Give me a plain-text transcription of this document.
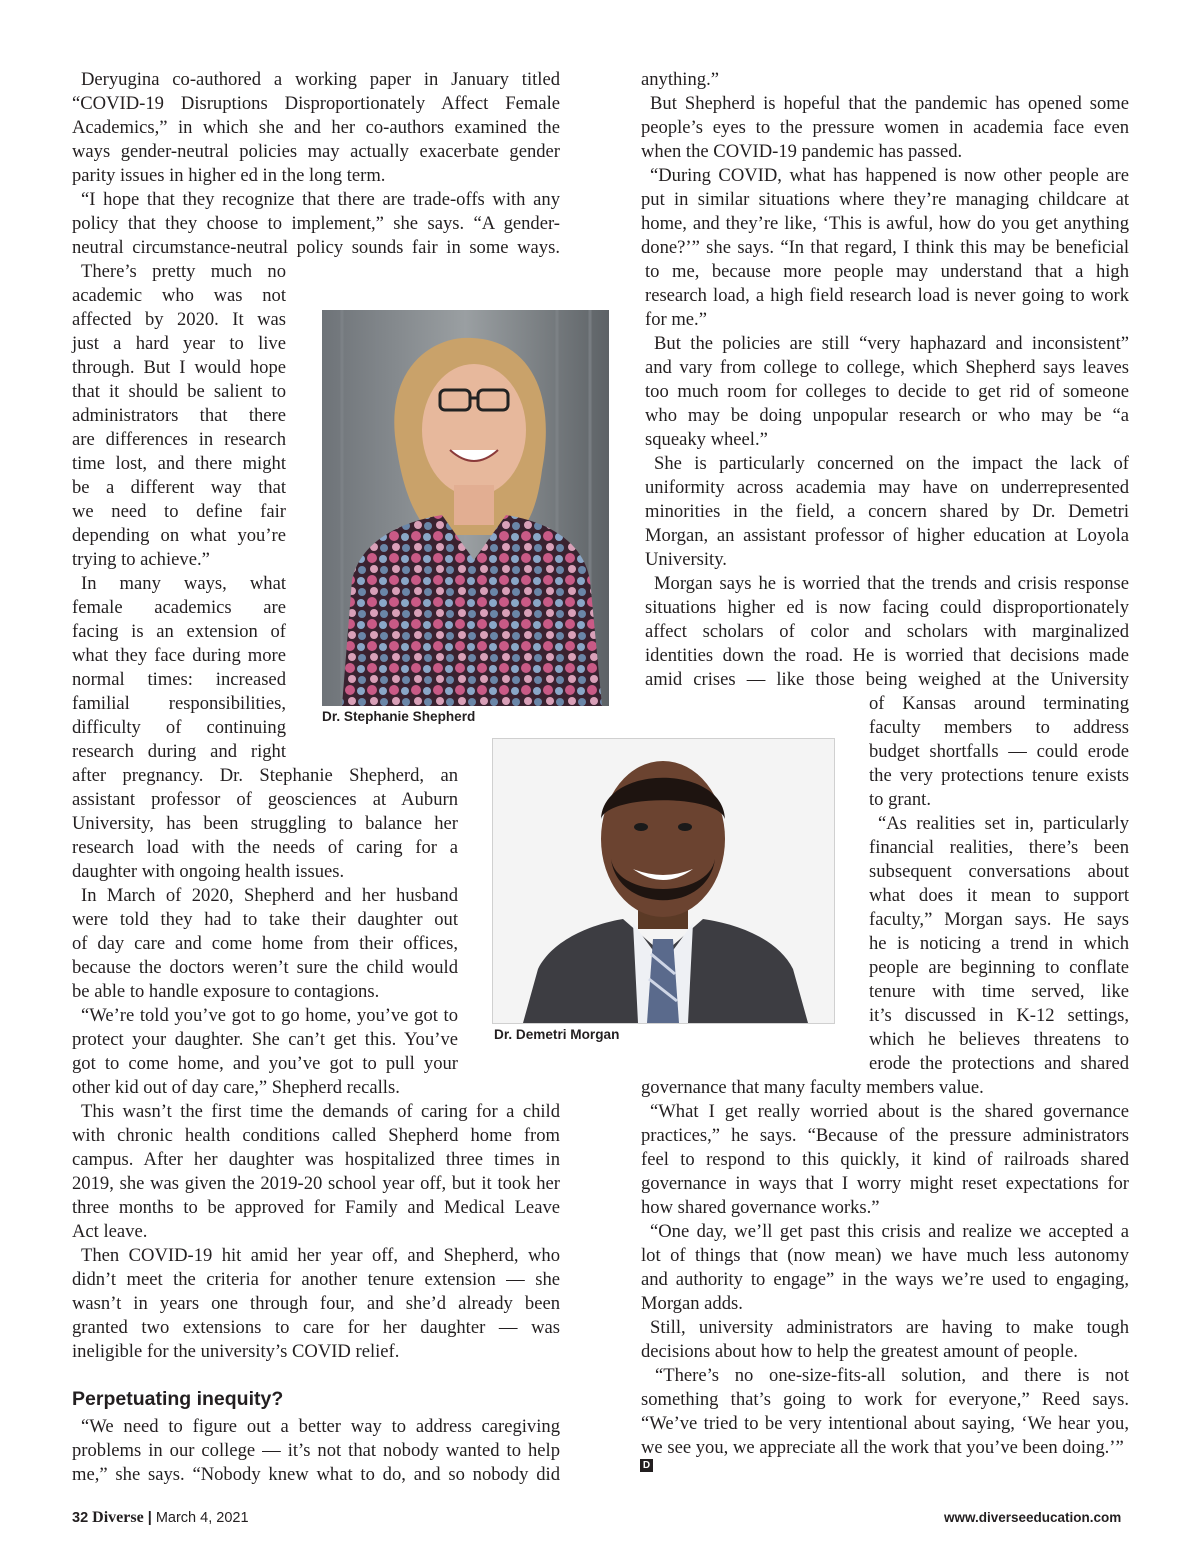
Dr. Stephanie Shepherd
Dr. Demetri Morgan
Deryugina co-authored a working paper in January titled
“COVID-19 Disruptions Disproportionately Affect Female
Academics,” in which she and her co-authors examined the
ways gender-neutral policies may actually exacerbate gender
parity issues in higher ed in the long term.
“I hope that they recognize that there are trade-offs with any
policy that they choose to implement,” she says. “A gender-
neutral circumstance-neutral policy sounds fair in some ways.
There’s pretty much no
academic who was not
affected by 2020. It was
just a hard year to live
through. But I would hope
that it should be salient to
administrators that there
are differences in research
time lost, and there might
be a different way that
we need to define fair
depending on what you’re
trying to achieve.”
In many ways, what
female academics are
facing is an extension of
what they face during more
normal times: increased
familial responsibilities,
difficulty of continuing
research during and right
after pregnancy. Dr. Stephanie Shepherd, an
assistant professor of geosciences at Auburn
University, has been struggling to balance her
research load with the needs of caring for a
daughter with ongoing health issues.
In March of 2020, Shepherd and her husband
were told they had to take their daughter out
of day care and come home from their offices,
because the doctors weren’t sure the child would
be able to handle exposure to contagions.
“We’re told you’ve got to go home, you’ve got to
protect your daughter. She can’t get this. You’ve
got to come home, and you’ve got to pull your
other kid out of day care,” Shepherd recalls.
This wasn’t the first time the demands of caring for a child
with chronic health conditions called Shepherd home from
campus. After her daughter was hospitalized three times in
2019, she was given the 2019-20 school year off, but it took her
three months to be approved for Family and Medical Leave
Act leave.
Then COVID-19 hit amid her year off, and Shepherd, who
didn’t meet the criteria for another tenure extension — she
wasn’t in years one through four, and she’d already been
granted two extensions to care for her daughter — was
ineligible for the university’s COVID relief.
Perpetuating inequity?
“We need to figure out a better way to address caregiving
problems in our college — it’s not that nobody wanted to help
me,” she says. “Nobody knew what to do, and so nobody did
anything.”
But Shepherd is hopeful that the pandemic has opened some
people’s eyes to the pressure women in academia face even
when the COVID-19 pandemic has passed.
“During COVID, what has happened is now other people are
put in similar situations where they’re managing childcare at
home, and they’re like, ‘This is awful, how do you get anything
done?’” she says. “In that regard, I think this may be beneficial
to me, because more people may understand that a high
research load, a high field research load is never going to work
for me.”
But the policies are still “very haphazard and inconsistent”
and vary from college to college, which Shepherd says leaves
too much room for colleges to decide to get rid of someone
who may be doing unpopular research or who may be “a
squeaky wheel.”
She is particularly concerned on the impact the lack of
uniformity across academia may have on underrepresented
minorities in the field, a concern shared by Dr. Demetri
Morgan, an assistant professor of higher education at Loyola
University.
Morgan says he is worried that the trends and crisis response
situations higher ed is now facing could disproportionately
affect scholars of color and scholars with marginalized
identities down the road. He is worried that decisions made
amid crises — like those being weighed at the University
of Kansas around terminating
faculty members to address
budget shortfalls — could erode
the very protections tenure exists
to grant.
“As realities set in, particularly
financial realities, there’s been
subsequent conversations about
what does it mean to support
faculty,” Morgan says. He says
he is noticing a trend in which
people are beginning to conflate
tenure with time served, like
it’s discussed in K-12 settings,
which he believes threatens to
erode the protections and shared
governance that many faculty members value.
“What I get really worried about is the shared governance
practices,” he says. “Because of the pressure administrators
feel to respond to this quickly, it kind of railroads shared
governance in ways that I worry might reset expectations for
how shared governance works.”
“One day, we’ll get past this crisis and realize we accepted a
lot of things that (now mean) we have much less autonomy
and authority to engage” in the ways we’re used to engaging,
Morgan adds.
Still, university administrators are having to make tough
decisions about how to help the greatest amount of people.
“There’s no one-size-fits-all solution, and there is not
something that’s going to work for everyone,” Reed says.
“We’ve tried to be very intentional about saying, ‘We hear you,
we see you, we appreciate all the work that you’ve been doing.’”
D
32 Diverse | March 4, 2021	www.diverseeducation.com
